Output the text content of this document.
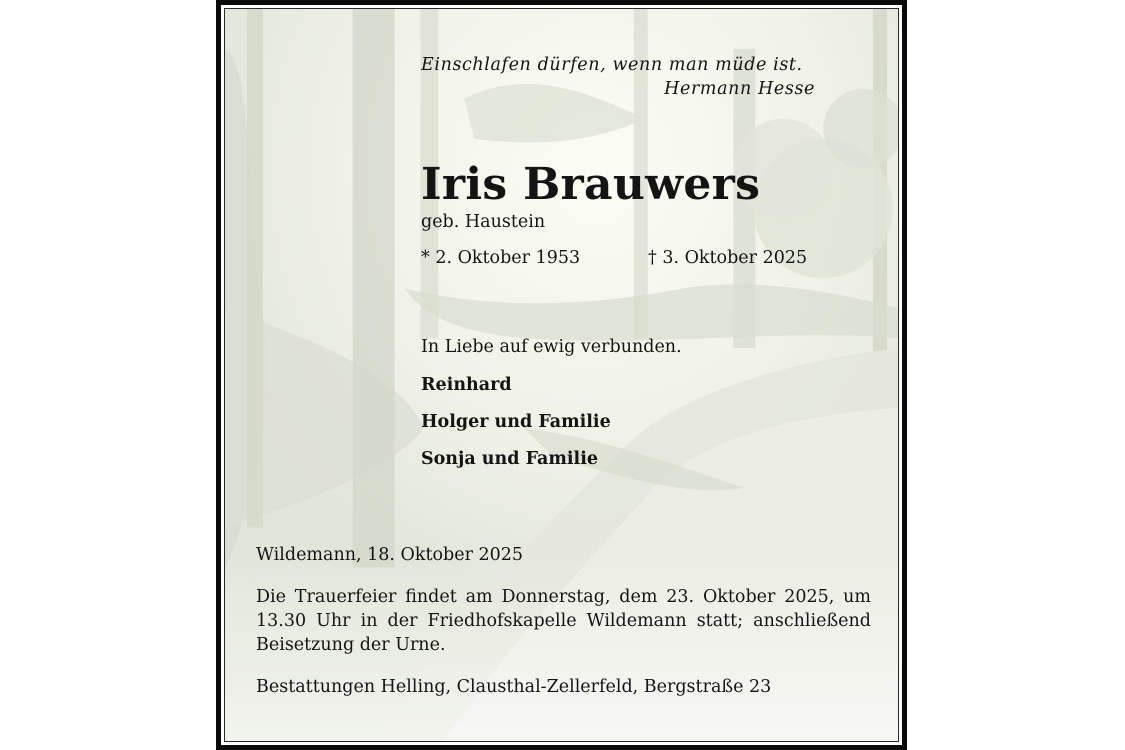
Einschlafen dürfen, wenn man müde ist.
Hermann Hesse
Iris Brauwers
geb. Haustein
* 2. Oktober 1953	† 3. Oktober 2025
In Liebe auf ewig verbunden.
Reinhard
Holger und Familie
Sonja und Familie
Wildemann, 18. Oktober 2025

Die Trauerfeier findet am Donnerstag, dem 23. Oktober 2025, um 13.30 Uhr in der Friedhofskapelle Wildemann statt; anschließend Beisetzung der Urne.

Bestattungen Helling, Clausthal-Zellerfeld, Bergstraße 23
